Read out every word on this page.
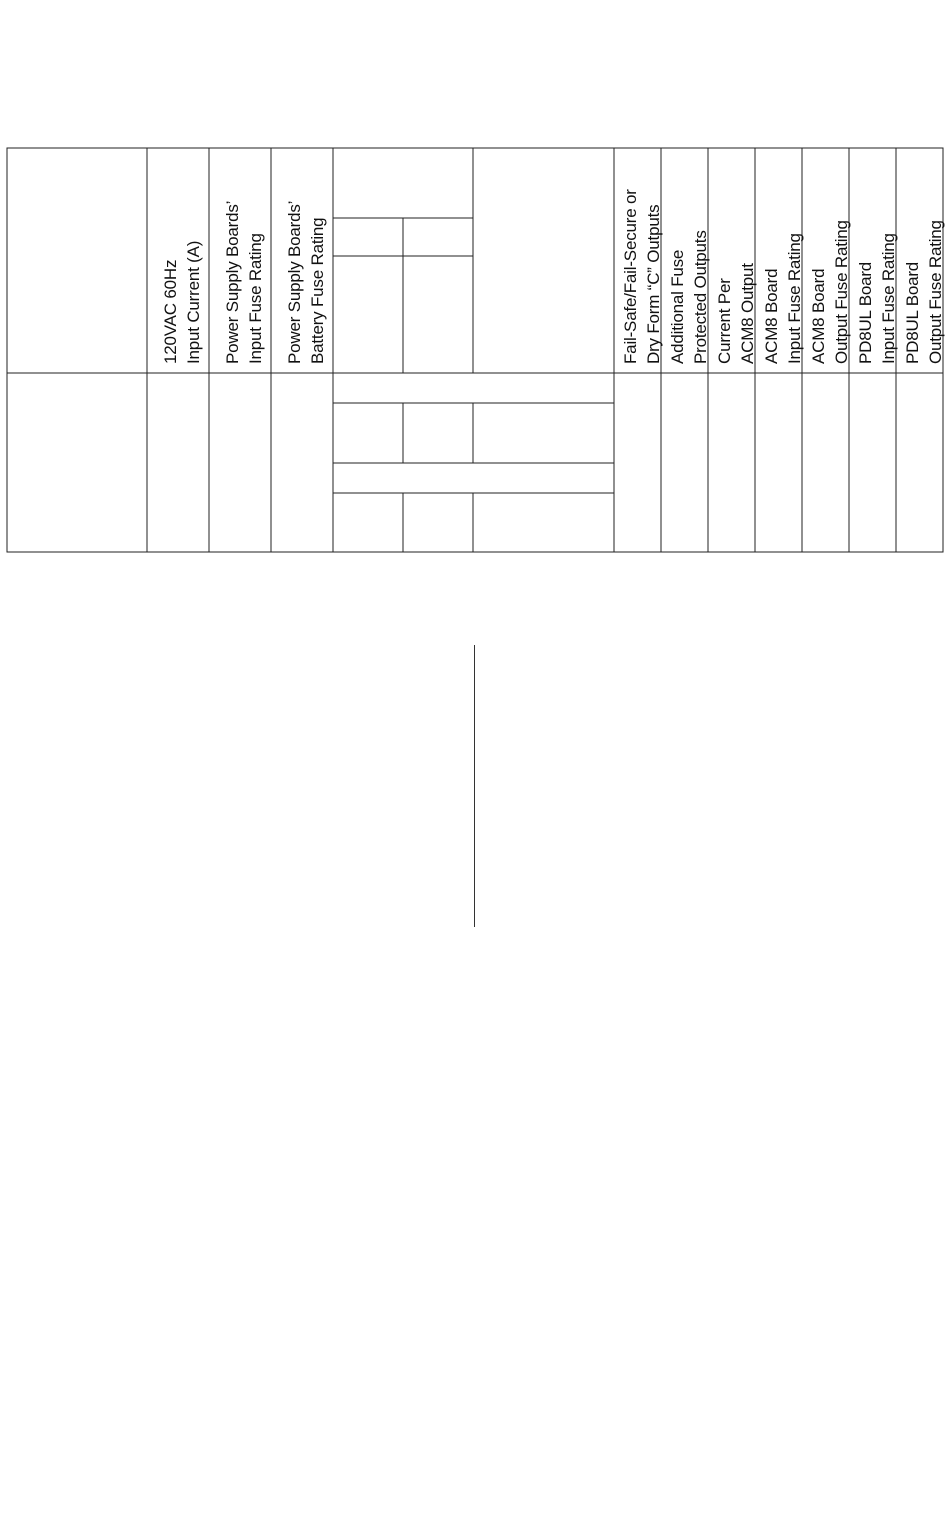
120VAC 60Hz Input Current (A) Power Supply Boards’ Input Fuse Rating Power Supply Boards’ Battery Fuse Rating	Fail-Safe/Fail-Secure or Dry Form “C” Outputs Additional Fuse Protected Outputs Current Per ACM8 Output ACM8 Board Input Fuse Rating ACM8 Board Output Fuse Rating PD8UL Board Input Fuse Rating PD8UL Board Output Fuse Rating
